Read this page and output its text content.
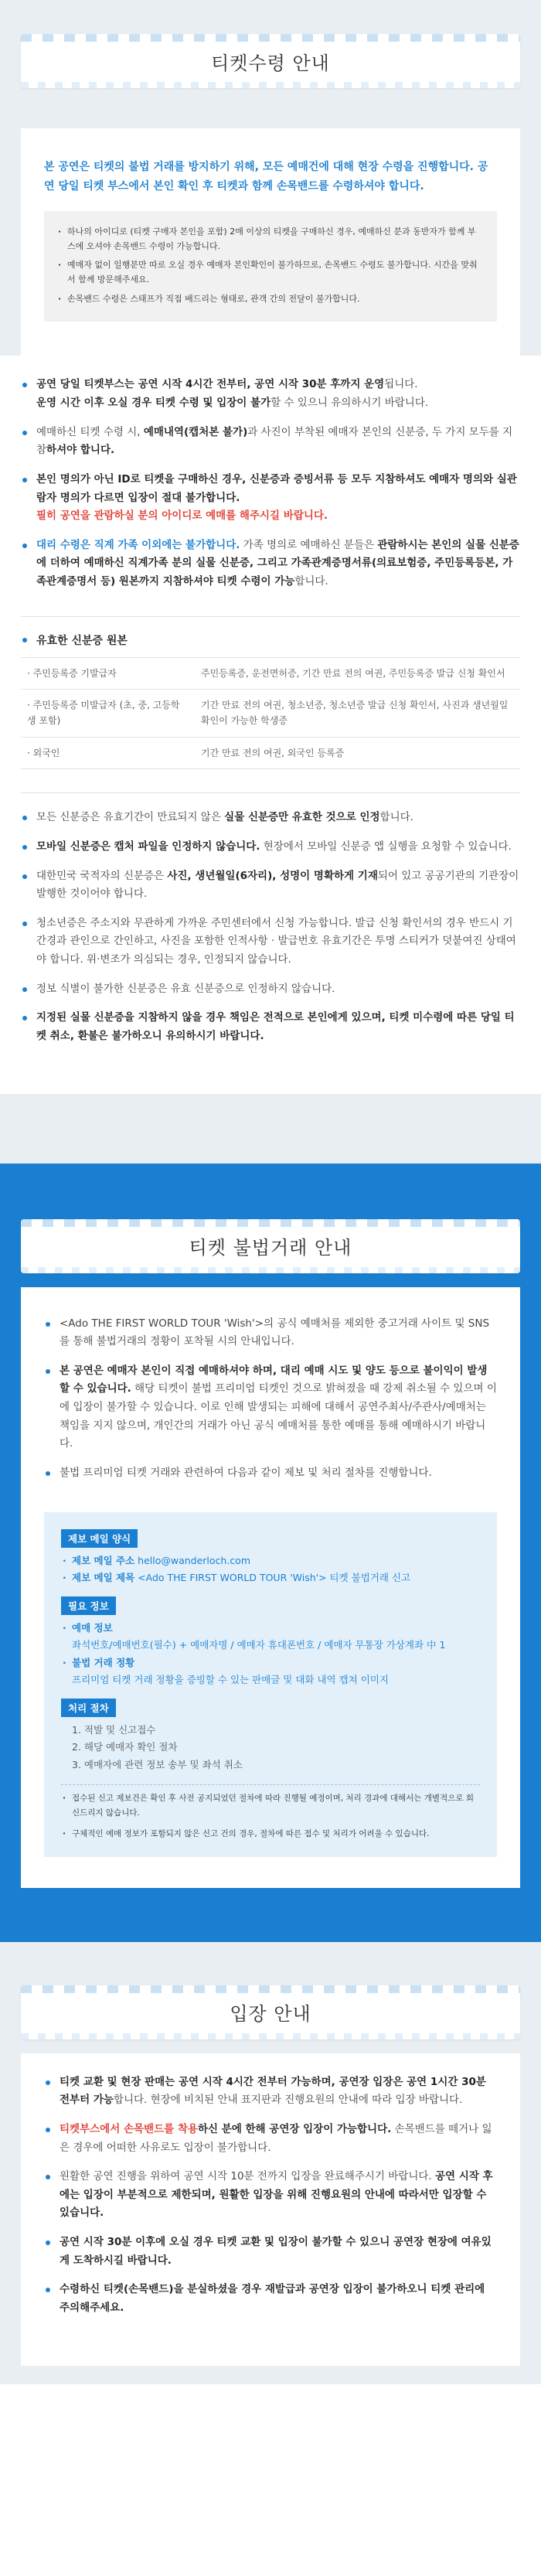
티켓수령 안내
본 공연은 티켓의 불법 거래를 방지하기 위해, 모든 예매건에 대해 현장 수령을 진행합니다. 공연 당일 티켓 부스에서 본인 확인 후 티켓과 함께 손목밴드를 수령하셔야 합니다.
· 하나의 아이디로 (티켓 구매자 본인을 포함) 2매 이상의 티켓을 구매하신 경우, 예매하신 분과 동반자가 함께 부스에 오셔야 손목밴드 수령이 가능합니다.
· 예매자 없이 일행분만 따로 오실 경우 예매자 본인확인이 불가하므로, 손목밴드 수령도 불가합니다. 시간을 맞춰서 함께 방문해주세요.
· 손목밴드 수령은 스태프가 직접 배드리는 형태로, 관객 간의 전달이 불가합니다.
공연 당일 티켓부스는 공연 시작 4시간 전부터, 공연 시작 30분 후까지 운영됩니다.
운영 시간 이후 오실 경우 티켓 수령 및 입장이 불가할 수 있으니 유의하시기 바랍니다.
예매하신 티켓 수령 시, 예매내역(캡처본 불가)과 사진이 부착된 예매자 본인의 신분증, 두 가지 모두를 지참하셔야 합니다.
본인 명의가 아닌 ID로 티켓을 구매하신 경우, 신분증과 증빙서류 등 모두 지참하셔도 예매자 명의와 실관람자 명의가 다르면 입장이 절대 불가합니다.
필히 공연을 관람하실 분의 아이디로 예매를 해주시길 바랍니다.
대리 수령은 직계 가족 이외에는 불가합니다. 가족 명의로 예매하신 분들은 관람하시는 본인의 실물 신분증에 더하여 예매하신 직계가족 분의 실물 신분증, 그리고 가족관계증명서류(의료보험증, 주민등록등본, 가족관계증명서 등) 원본까지 지참하셔야 티켓 수령이 가능합니다.
유효한 신분증 원본
· 주민등록증 기발급자	주민등록증, 운전면허증, 기간 만료 전의 여권, 주민등록증 발급 신청 확인서
· 주민등록증 미발급자 (초, 중, 고등학생 포함)	기간 만료 전의 여권, 청소년증, 청소년증 발급 신청 확인서, 사진과 생년월일 확인이 가능한 학생증
· 외국인	기간 만료 전의 여권, 외국인 등록증
모든 신분증은 유효기간이 만료되지 않은 실물 신분증만 유효한 것으로 인정합니다.
모바일 신분증은 캡처 파일을 인정하지 않습니다. 현장에서 모바일 신분증 앱 실행을 요청할 수 있습니다.
대한민국 국적자의 신분증은 사진, 생년월일(6자리), 성명이 명확하게 기재되어 있고 공공기관의 기관장이 발행한 것이어야 합니다.
청소년증은 주소지와 무관하게 가까운 주민센터에서 신청 가능합니다. 발급 신청 확인서의 경우 반드시 기간경과 관인으로 간인하고, 사진을 포함한 인적사항 · 발급번호 유효기간은 투명 스티커가 덧붙여진 상태여야 합니다. 위·변조가 의심되는 경우, 인정되지 않습니다.
정보 식별이 불가한 신분증은 유효 신분증으로 인정하지 않습니다.
지정된 실물 신분증을 지참하지 않을 경우 책임은 전적으로 본인에게 있으며, 티켓 미수령에 따른 당일 티켓 취소, 환불은 불가하오니 유의하시기 바랍니다.
티켓 불법거래 안내
<Ado THE FIRST WORLD TOUR 'Wish'>의 공식 예매처를 제외한 중고거래 사이트 및 SNS를 통해 불법거래의 정황이 포착될 시의 안내입니다.
본 공연은 예매자 본인이 직접 예매하셔야 하며, 대리 예매 시도 및 양도 등으로 불이익이 발생할 수 있습니다. 해당 티켓이 불법 프리미엄 티켓인 것으로 밝혀졌을 때 강제 취소될 수 있으며 이에 입장이 불가할 수 있습니다. 이로 인해 발생되는 피해에 대해서 공연주최사/주관사/예매처는 책임을 지지 않으며, 개인간의 거래가 아닌 공식 예매처를 통한 예매를 통해 예매하시기 바랍니다.
불법 프리미엄 티켓 거래와 관련하여 다음과 같이 제보 및 처리 절차를 진행합니다.
제보 메일 양식
· 제보 메일 주소 hello@wanderloch.com
· 제보 메일 제목 <Ado THE FIRST WORLD TOUR 'Wish'> 티켓 불법거래 신고
필요 정보
· 예매 정보
좌석번호/예매번호(필수) + 예매자명 / 예매자 휴대폰번호 / 예매자 무통장 가상계좌 中 1
· 불법 거래 정황
프리미엄 티켓 거래 정황을 증빙할 수 있는 판매글 및 대화 내역 캡쳐 이미지
처리 절차
1. 적발 및 신고접수
2. 해당 예매자 확인 절차
3. 예매자에 관련 정보 송부 및 좌석 취소
· 접수된 신고 제보건은 확인 후 사전 공지되었던 절차에 따라 진행될 예정이며, 처리 경과에 대해서는 개별적으로 회신드리지 않습니다.
· 구체적인 예매 정보가 포함되지 않은 신고 건의 경우, 절차에 따른 접수 및 처리가 어려울 수 있습니다.
입장 안내
티켓 교환 및 현장 판매는 공연 시작 4시간 전부터 가능하며, 공연장 입장은 공연 1시간 30분 전부터 가능합니다. 현장에 비치된 안내 표지판과 진행요원의 안내에 따라 입장 바랍니다.
티켓부스에서 손목밴드를 착용하신 분에 한해 공연장 입장이 가능합니다. 손목밴드를 떼거나 잃은 경우에 어떠한 사유로도 입장이 불가합니다.
원활한 공연 진행을 위하여 공연 시작 10분 전까지 입장을 완료해주시기 바랍니다. 공연 시작 후에는 입장이 부분적으로 제한되며, 원활한 입장을 위해 진행요원의 안내에 따라서만 입장할 수 있습니다.
공연 시작 30분 이후에 오실 경우 티켓 교환 및 입장이 불가할 수 있으니 공연장 현장에 여유있게 도착하시길 바랍니다.
수령하신 티켓(손목밴드)을 분실하셨을 경우 재발급과 공연장 입장이 불가하오니 티켓 관리에 주의해주세요.
